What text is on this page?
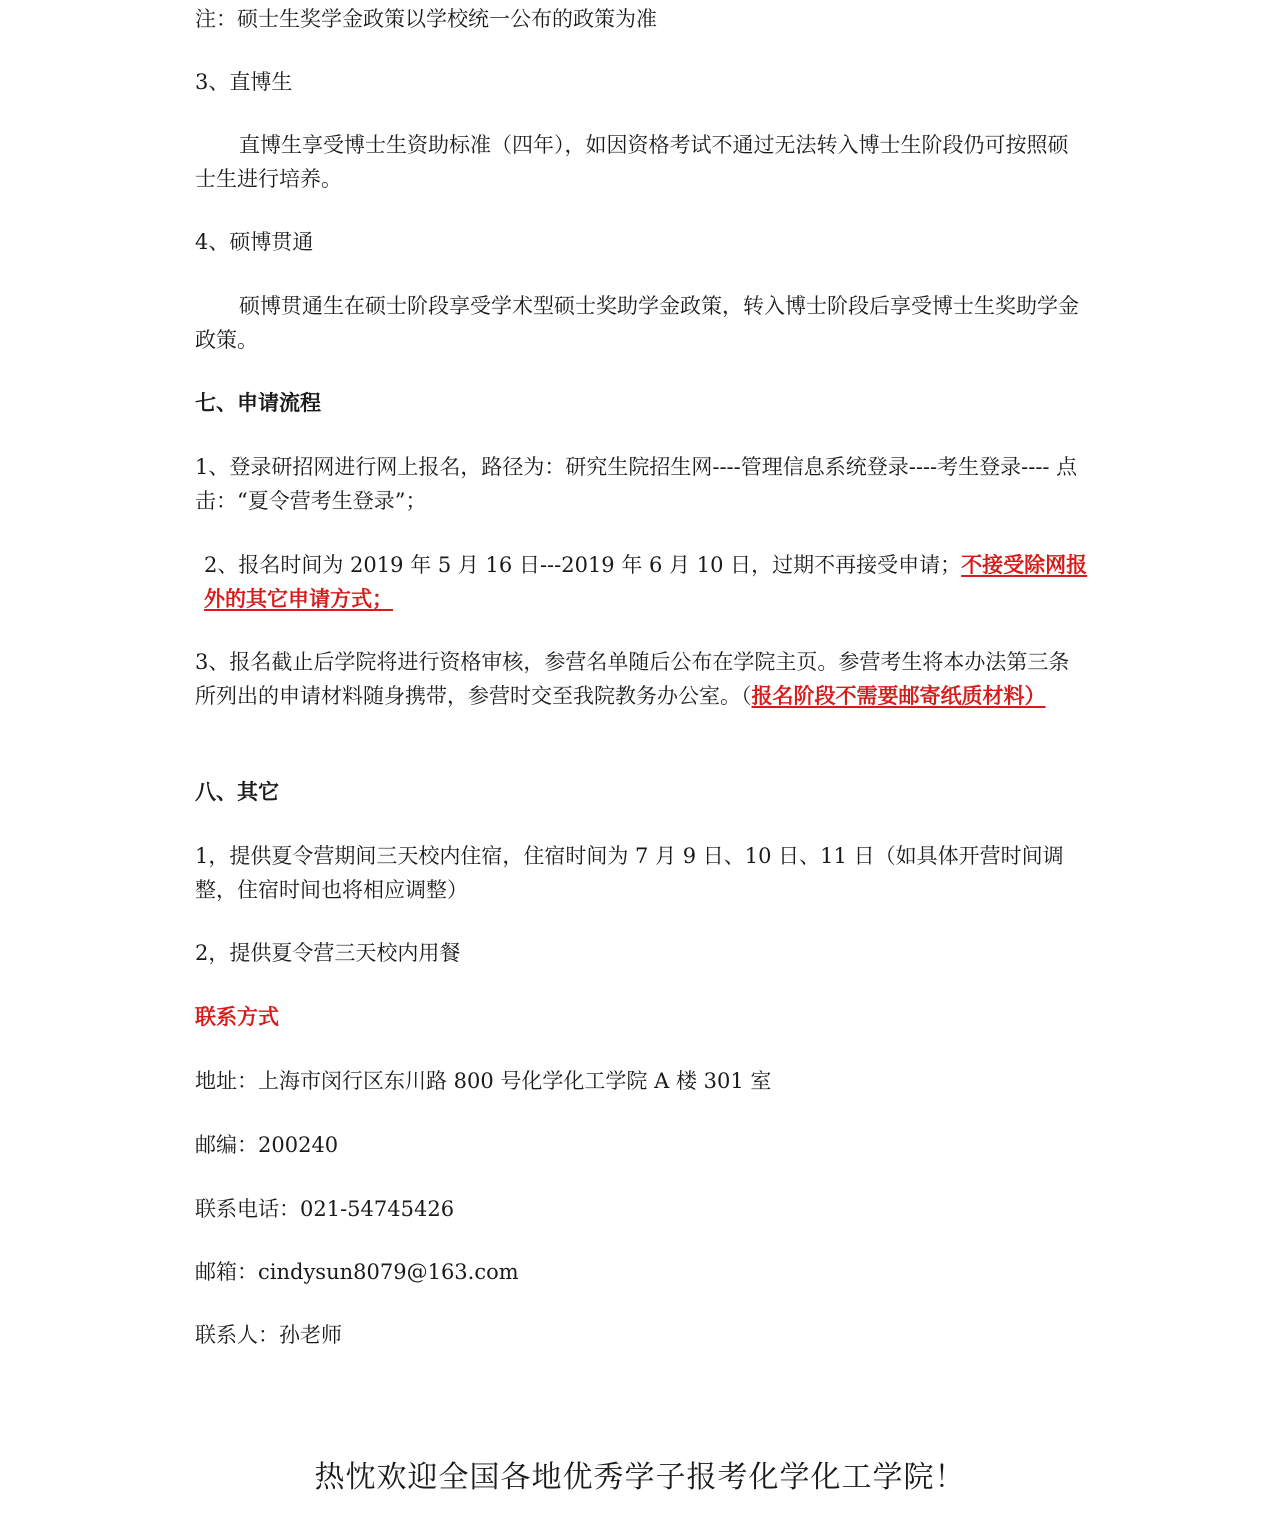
注：硕士生奖学金政策以学校统一公布的政策为准

3、直博生

直博生享受博士生资助标准（四年），如因资格考试不通过无法转入博士生阶段仍可按照硕士生进行培养。

4、硕博贯通

硕博贯通生在硕士阶段享受学术型硕士奖助学金政策，转入博士阶段后享受博士生奖助学金政策。

七、申请流程

1、登录研招网进行网上报名，路径为：研究生院招生网----管理信息系统登录----考生登录---- 点击：“夏令营考生登录”；

2、报名时间为 2019 年 5 月 16 日---2019 年 6 月 10 日，过期不再接受申请；不接受除网报外的其它申请方式；

3、报名截止后学院将进行资格审核，参营名单随后公布在学院主页。参营考生将本办法第三条所列出的申请材料随身携带，参营时交至我院教务办公室。（报名阶段不需要邮寄纸质材料）

八、其它

1，提供夏令营期间三天校内住宿，住宿时间为 7 月 9 日、10 日、11 日（如具体开营时间调整，住宿时间也将相应调整）

2，提供夏令营三天校内用餐

联系方式

地址：上海市闵行区东川路 800 号化学化工学院 A 楼 301 室

邮编：200240

联系电话：021-54745426

邮箱：cindysun8079@163.com

联系人：孙老师

热忱欢迎全国各地优秀学子报考化学化工学院！
